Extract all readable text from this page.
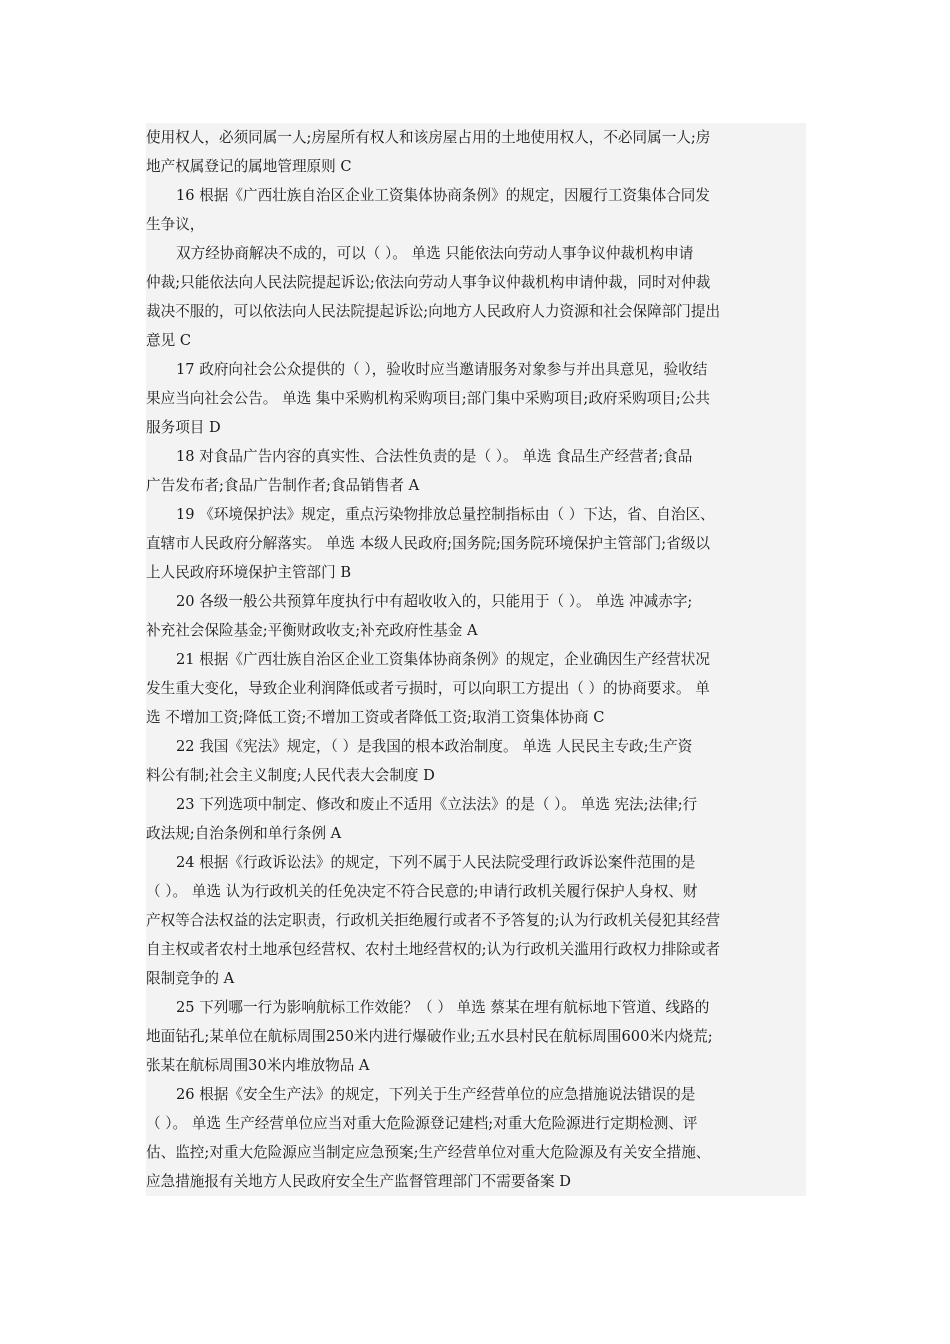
使用权人，必须同属一人;房屋所有权人和该房屋占用的土地使用权人，不必同属一人;房
地产权属登记的属地管理原则 C
16 根据《广西壮族自治区企业工资集体协商条例》的规定，因履行工资集体合同发
生争议，
双方经协商解决不成的，可以（ ）。 单选 只能依法向劳动人事争议仲裁机构申请
仲裁;只能依法向人民法院提起诉讼;依法向劳动人事争议仲裁机构申请仲裁，同时对仲裁
裁决不服的，可以依法向人民法院提起诉讼;向地方人民政府人力资源和社会保障部门提出
意见 C
17 政府向社会公众提供的（ ），验收时应当邀请服务对象参与并出具意见，验收结
果应当向社会公告。 单选 集中采购机构采购项目;部门集中采购项目;政府采购项目;公共
服务项目 D
18 对食品广告内容的真实性、合法性负责的是（ ）。 单选 食品生产经营者;食品
广告发布者;食品广告制作者;食品销售者 A
19 《环境保护法》规定，重点污染物排放总量控制指标由（ ）下达，省、自治区、
直辖市人民政府分解落实。 单选 本级人民政府;国务院;国务院环境保护主管部门;省级以
上人民政府环境保护主管部门 B
20 各级一般公共预算年度执行中有超收收入的，只能用于（ ）。 单选 冲减赤字;
补充社会保险基金;平衡财政收支;补充政府性基金 A
21 根据《广西壮族自治区企业工资集体协商条例》的规定，企业确因生产经营状况
发生重大变化，导致企业利润降低或者亏损时，可以向职工方提出（ ）的协商要求。 单
选 不增加工资;降低工资;不增加工资或者降低工资;取消工资集体协商 C
22 我国《宪法》规定，（ ）是我国的根本政治制度。 单选 人民民主专政;生产资
料公有制;社会主义制度;人民代表大会制度 D
23 下列选项中制定、修改和废止不适用《立法法》的是（ ）。 单选 宪法;法律;行
政法规;自治条例和单行条例 A
24 根据《行政诉讼法》的规定，下列不属于人民法院受理行政诉讼案件范围的是
（ ）。 单选 认为行政机关的任免决定不符合民意的;申请行政机关履行保护人身权、财
产权等合法权益的法定职责，行政机关拒绝履行或者不予答复的;认为行政机关侵犯其经营
自主权或者农村土地承包经营权、农村土地经营权的;认为行政机关滥用行政权力排除或者
限制竞争的 A
25 下列哪一行为影响航标工作效能？（ ） 单选 蔡某在埋有航标地下管道、线路的
地面钻孔;某单位在航标周围250米内进行爆破作业;五水县村民在航标周围600米内烧荒;
张某在航标周围30米内堆放物品 A
26 根据《安全生产法》的规定，下列关于生产经营单位的应急措施说法错误的是
（ ）。 单选 生产经营单位应当对重大危险源登记建档;对重大危险源进行定期检测、评
估、监控;对重大危险源应当制定应急预案;生产经营单位对重大危险源及有关安全措施、
应急措施报有关地方人民政府安全生产监督管理部门不需要备案 D
